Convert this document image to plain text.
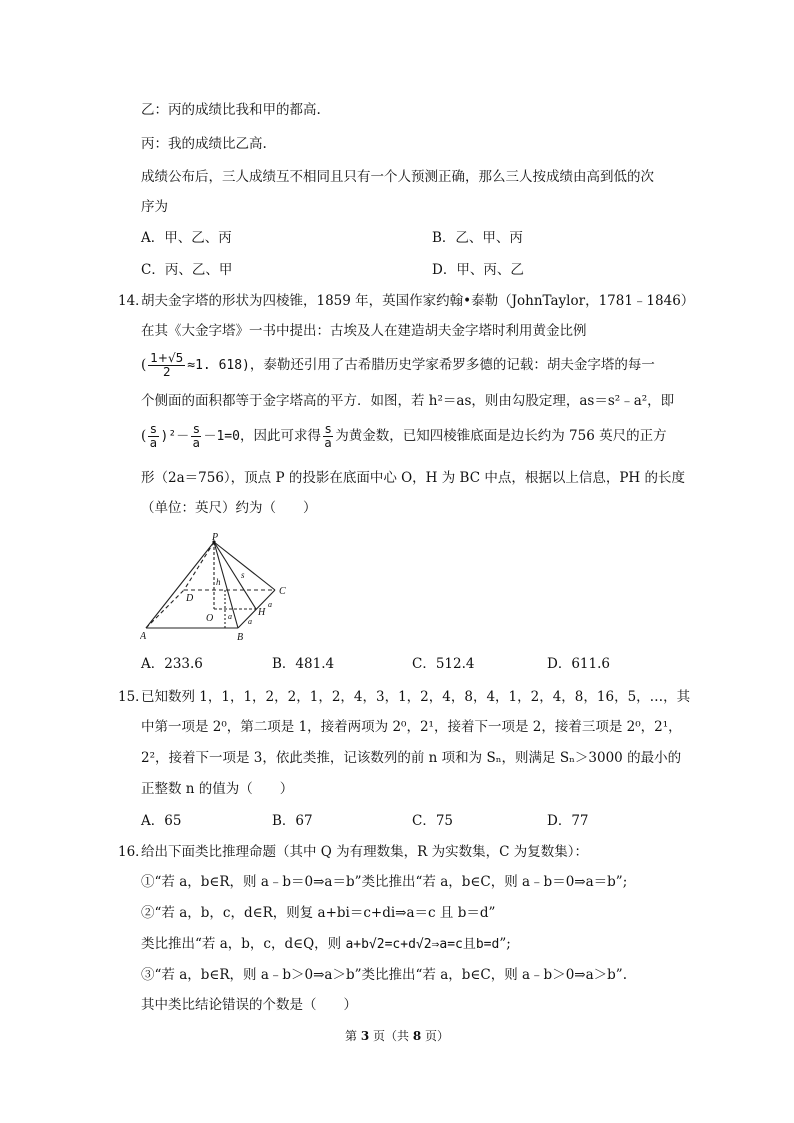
乙：丙的成绩比我和甲的都高.
丙：我的成绩比乙高.
成绩公布后，三人成绩互不相同且只有一个人预测正确，那么三人按成绩由高到低的次
序为
A．甲、乙、丙	B．乙、甲、丙
C．丙、乙、甲	D．甲、丙、乙
14．胡夫金字塔的形状为四棱锥，1859 年，英国作家约翰•泰勒（JohnTaylor，1781﹣1846）
在其《大金字塔》一书中提出：古埃及人在建造胡夫金字塔时利用黄金比例
( $\frac{1+√5}{2} \approx 1$. 618)，泰勒还引用了古希腊历史学家希罗多德的记载：胡夫金字塔的每一
个侧面的面积都等于金字塔高的平方．如图，若 h²＝as，则由勾股定理，as＝s²﹣a²，即
( $\frac{s}{a} )^2- \frac{s}{a} -1=0$，因此可求得 $\frac{s}{a}$ 为黄金数，已知四棱锥底面是边长约为 756 英尺的正方
形（2a＝756），顶点 P 的投影在底面中心 O，H 为 BC 中点，根据以上信息，PH 的长度
（单位：英尺）约为（　　）
P
A	B
C
D
O
H
h
s
a
a
a
A．233.6	B．481.4	C．512.4	D．611.6
15．已知数列 1，1，1，2，2，1，2，4，3，1，2，4，8，4，1，2，4，8，16，5，…，其
中第一项是 2⁰，第二项是 1，接着两项为 2⁰，2¹，接着下一项是 2，接着三项是 2⁰，2¹，
2²，接着下一项是 3，依此类推，记该数列的前 n 项和为 Sₙ，则满足 Sₙ＞3000 的最小的
正整数 n 的值为（　　）
A．65	B．67	C．75	D．77
16．给出下面类比推理命题（其中 Q 为有理数集，R 为实数集，C 为复数集）：
①“若 a，b∈R，则 a﹣b＝0⇒a＝b”类比推出“若 a，b∈C，则 a﹣b＝0⇒a＝b”;
②“若 a，b，c，d∈R，则复 a+bi＝c+di⇒a＝c 且 b＝d”
类比推出“若 a，b，c，d∈Q，则 a+b√2=c+d√2⇒a=c且b=d”;
③“若 a，b∈R，则 a﹣b＞0⇒a＞b”类比推出“若 a，b∈C，则 a﹣b＞0⇒a＞b”.
其中类比结论错误的个数是（　　）
第 3 页（共 8 页）
